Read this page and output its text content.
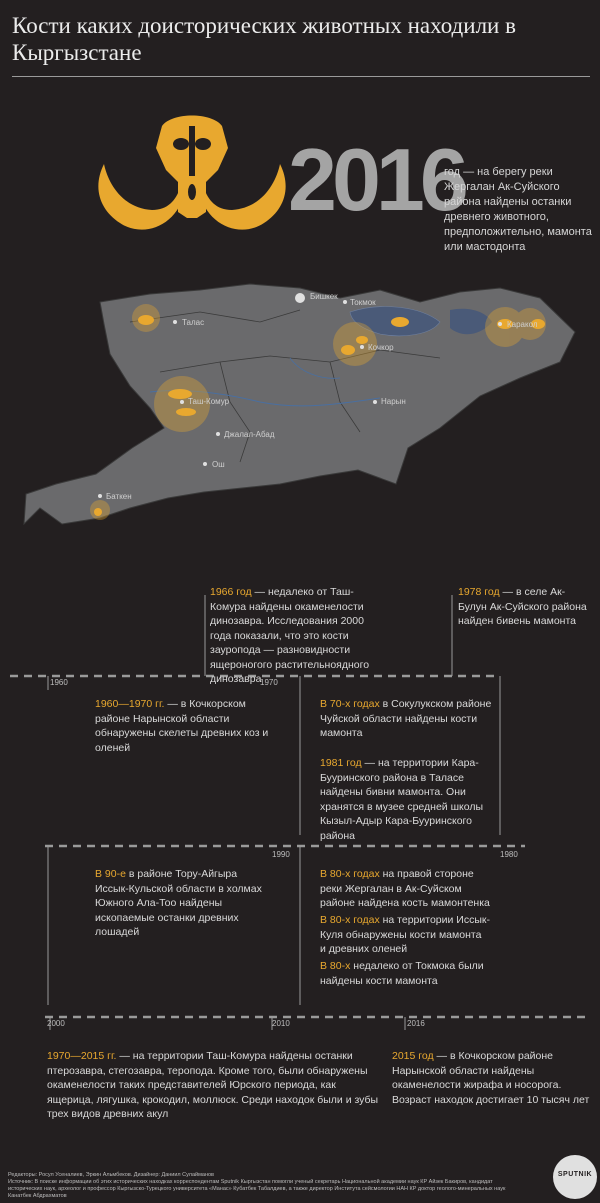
Кости каких доисторических животных находили в Кыргызстане
2016
год — на берегу реки Жергалан Ак-Суйского района найдены останки древнего животного, предположительно, мамонта или мастодонта
Бишкек
Токмок
Талас	Каракол
Кочкор
Таш-Комур	Нарын
Джалал-Абад
Ош
Баткен
1960	1970
1990	1980
2000	2010	2016
1966 год — недалеко от Таш-Комура найдены окаменелости динозавра. Исследования 2000 года показали, что это кости зауропода — разновидности ящероногого растительноядного динозавра
1978 год — в селе Ак-Булун Ак-Суйского района найден бивень мамонта
1960—1970 гг. — в Кочкорском районе Нарынской области обнаружены скелеты древних коз и оленей
В 70-х годах в Сокулукском районе Чуйской области найдены кости мамонта
1981 год — на территории Кара-Бууринского района в Таласе найдены бивни мамонта. Они хранятся в музее средней школы Кызыл-Адыр Кара-Бууринского района
В 90-е в районе Тору-Айгыра Иссык-Кульской области в холмах Южного Ала-Тоо найдены ископаемые останки древних лошадей
В 80-х годах на правой стороне реки Жергалан в Ак-Суйском районе найдена кость мамонтенка
В 80-х годах на территории Иссык-Куля обнаружены кости мамонта и древних оленей
В 80-х недалеко от Токмока были найдены кости мамонта
1970—2015 гг. — на территории Таш-Комура найдены останки птерозавра, стегозавра, теропода. Кроме того, были обнаружены окаменелости таких представителей Юрского периода, как ящерица, лягушка, крокодил, моллюск. Среди находок были и зубы трех видов древних акул
2015 год — в Кочкорском районе Нарынской области найдены окаменелости жирафа и носорога. Возраст находок достигает 10 тысяч лет
Редакторы: Росул Усеналиев, Эркин Альмбеков. Дизайнер: Даниил Сулайманов
Источник: В поиске информации об этих исторических находках корреспондентам Sputnik Кыргызстан помогли ученый секретарь Национальной академии наук КР Айзек Бакиров, кандидат исторических наук, археолог и профессор Кыргызско-Турецкого университета «Манас» Кубатбек Табалдиев, а также директор Института сейсмологии НАН КР доктор геолого-минеральных наук Канатбек Абдрахматов
SPUTNIK
